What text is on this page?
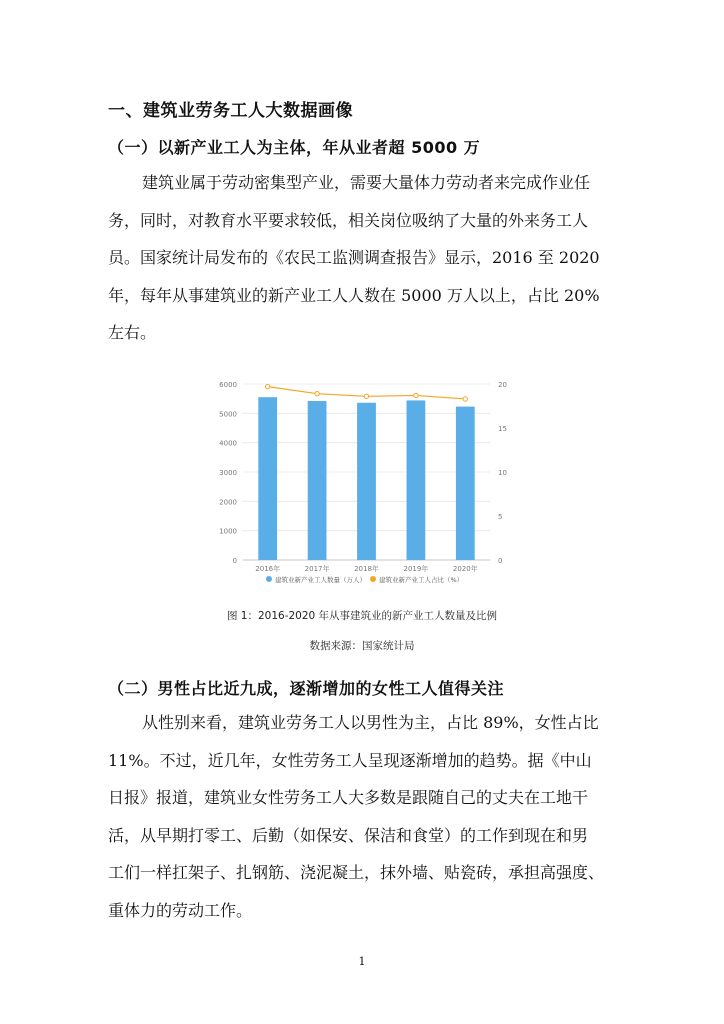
一、建筑业劳务工人大数据画像
（一）以新产业工人为主体，年从业者超 5000 万
建筑业属于劳动密集型产业，需要大量体力劳动者来完成作业任
务，同时，对教育水平要求较低，相关岗位吸纳了大量的外来务工人
员。国家统计局发布的《农民工监测调查报告》显示，2016 至 2020
年，每年从事建筑业的新产业工人人数在 5000 万人以上，占比 20%
左右。
0
1000
2000
3000
4000
5000
6000
0
5
10
15
20
2016年	2017年	2018年	2019年	2020年
建筑业新产业工人数量（万人） 建筑业新产业工人占比（%）
图 1：2016-2020 年从事建筑业的新产业工人数量及比例
数据来源：国家统计局
（二）男性占比近九成，逐渐增加的女性工人值得关注
从性别来看，建筑业劳务工人以男性为主，占比 89%，女性占比
11%。不过，近几年，女性劳务工人呈现逐渐增加的趋势。据《中山
日报》报道，建筑业女性劳务工人大多数是跟随自己的丈夫在工地干
活，从早期打零工、后勤（如保安、保洁和食堂）的工作到现在和男
工们一样扛架子、扎钢筋、浇泥凝土，抹外墙、贴瓷砖，承担高强度、
重体力的劳动工作。
1
